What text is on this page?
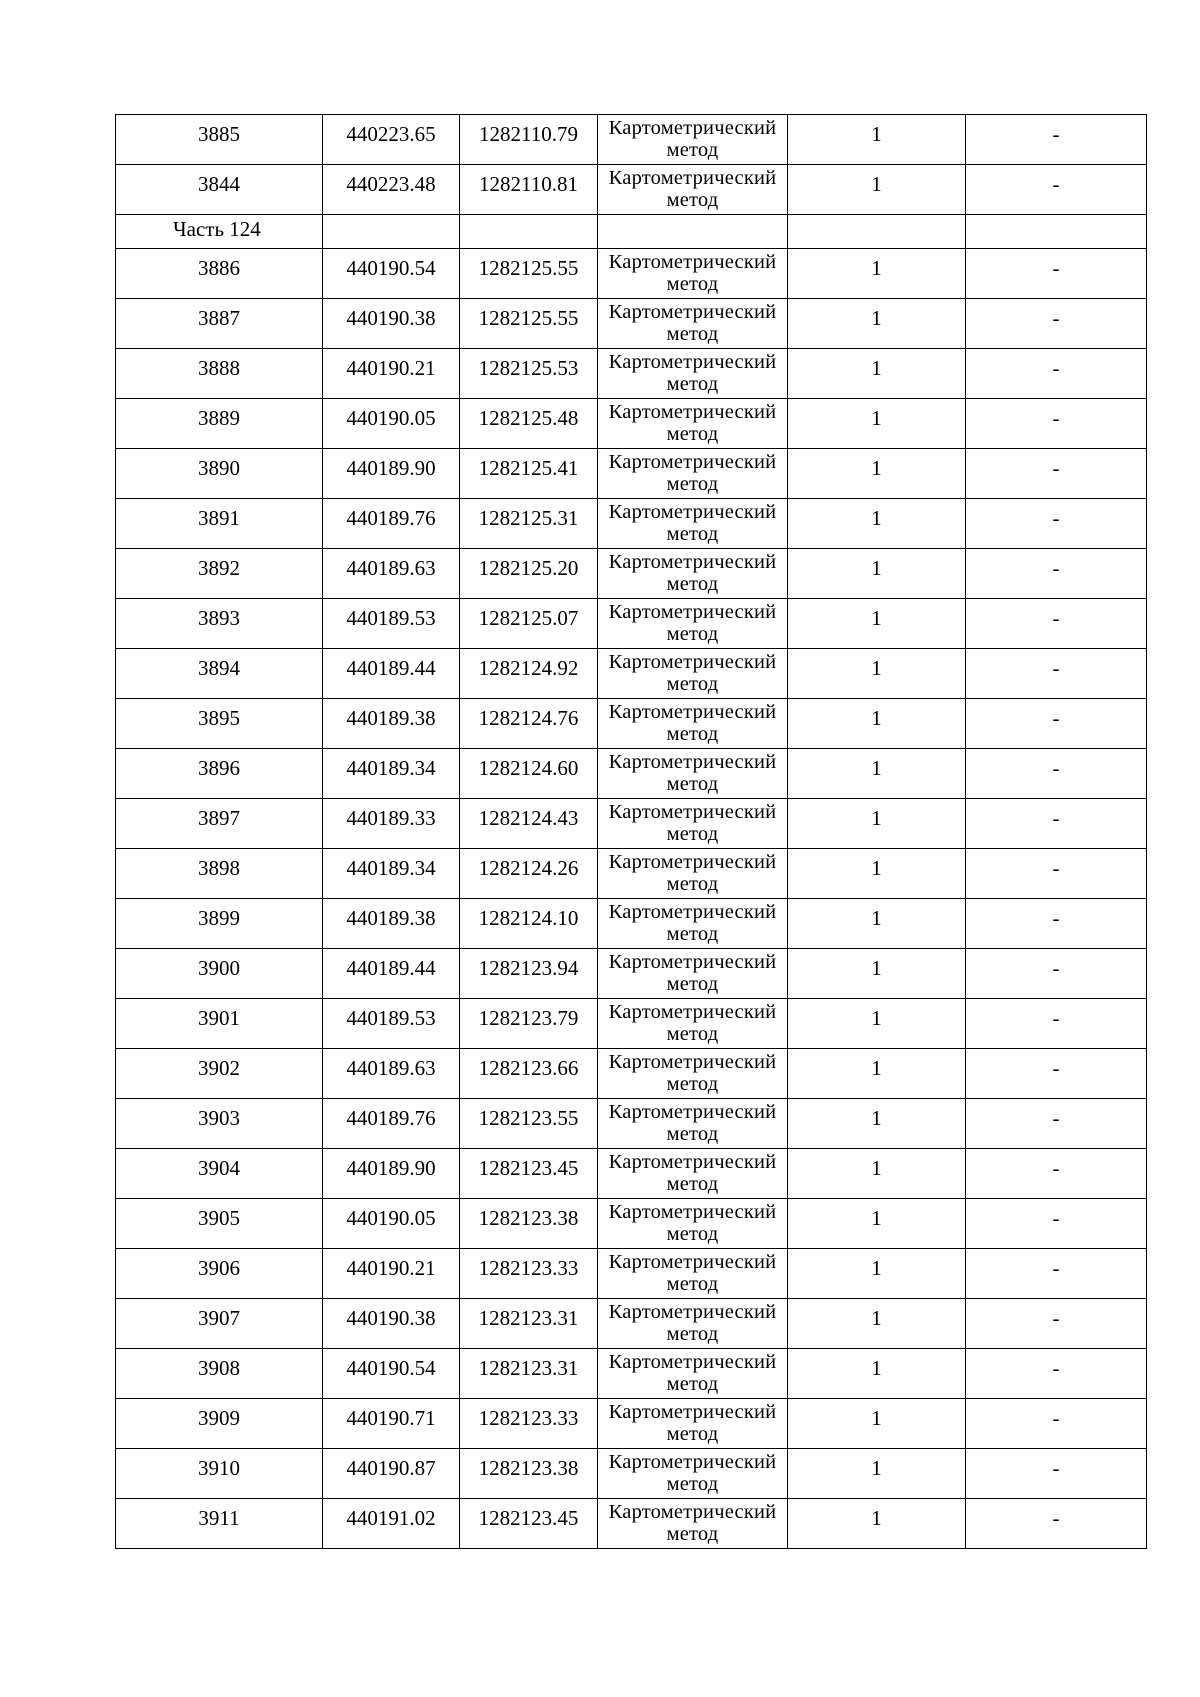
3885	440223.65	1282110.79	Картометрический метод	1	-
3844	440223.48	1282110.81	Картометрический метод	1	-
Часть 124					
3886	440190.54	1282125.55	Картометрический метод	1	-
3887	440190.38	1282125.55	Картометрический метод	1	-
3888	440190.21	1282125.53	Картометрический метод	1	-
3889	440190.05	1282125.48	Картометрический метод	1	-
3890	440189.90	1282125.41	Картометрический метод	1	-
3891	440189.76	1282125.31	Картометрический метод	1	-
3892	440189.63	1282125.20	Картометрический метод	1	-
3893	440189.53	1282125.07	Картометрический метод	1	-
3894	440189.44	1282124.92	Картометрический метод	1	-
3895	440189.38	1282124.76	Картометрический метод	1	-
3896	440189.34	1282124.60	Картометрический метод	1	-
3897	440189.33	1282124.43	Картометрический метод	1	-
3898	440189.34	1282124.26	Картометрический метод	1	-
3899	440189.38	1282124.10	Картометрический метод	1	-
3900	440189.44	1282123.94	Картометрический метод	1	-
3901	440189.53	1282123.79	Картометрический метод	1	-
3902	440189.63	1282123.66	Картометрический метод	1	-
3903	440189.76	1282123.55	Картометрический метод	1	-
3904	440189.90	1282123.45	Картометрический метод	1	-
3905	440190.05	1282123.38	Картометрический метод	1	-
3906	440190.21	1282123.33	Картометрический метод	1	-
3907	440190.38	1282123.31	Картометрический метод	1	-
3908	440190.54	1282123.31	Картометрический метод	1	-
3909	440190.71	1282123.33	Картометрический метод	1	-
3910	440190.87	1282123.38	Картометрический метод	1	-
3911	440191.02	1282123.45	Картометрический метод	1	-
